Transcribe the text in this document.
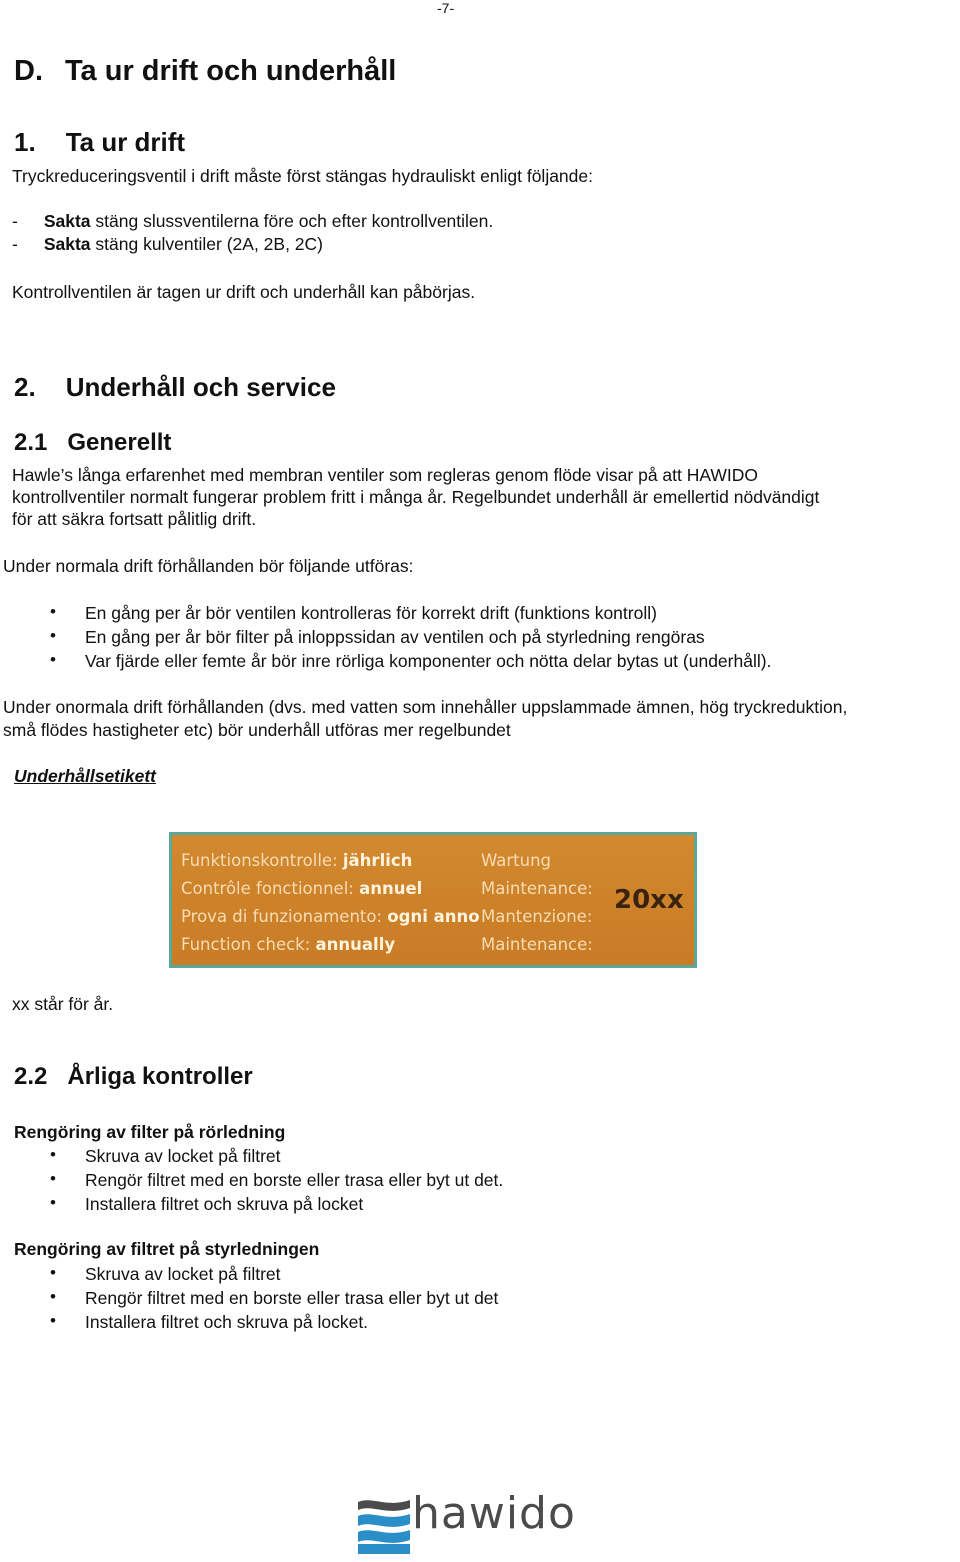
-7-
D. Ta ur drift och underhåll
1. Ta ur drift

Tryckreduceringsventil i drift måste först stängas hydrauliskt enligt följande:

- Sakta stäng slussventilerna före och efter kontrollventilen.

- Sakta stäng kulventiler (2A, 2B, 2C)

Kontrollventilen är tagen ur drift och underhåll kan påbörjas.

2. Underhåll och service
2.1 Generellt

Hawle’s långa erfarenhet med membran ventiler som regleras genom flöde visar på att HAWIDO

kontrollventiler normalt fungerar problem fritt i många år. Regelbundet underhåll är emellertid nödvändigt

för att säkra fortsatt pålitlig drift.

Under normala drift förhållanden bör följande utföras:

• En gång per år bör ventilen kontrolleras för korrekt drift (funktions kontroll)

• En gång per år bör filter på inloppssidan av ventilen och på styrledning rengöras

• Var fjärde eller femte år bör inre rörliga komponenter och nötta delar bytas ut (underhåll).

Under onormala drift förhållanden (dvs. med vatten som innehåller uppslammade ämnen, hög tryckreduktion,

små flödes hastigheter etc) bör underhåll utföras mer regelbundet

Underhållsetikett

Funktionskontrolle: jährlich	Wartung
Contrôle fonctionnel: annuel	Maintenance:
Prova di funzionamento: ogni anno Mantenzione:
Function check: annually	Maintenance:
20xx

xx står för år.

2.2 Årliga kontroller

Rengöring av filter på rörledning

• Skruva av locket på filtret

• Rengör filtret med en borste eller trasa eller byt ut det.

• Installera filtret och skruva på locket

Rengöring av filtret på styrledningen

• Skruva av locket på filtret

• Rengör filtret med en borste eller trasa eller byt ut det

• Installera filtret och skruva på locket.

hawido
